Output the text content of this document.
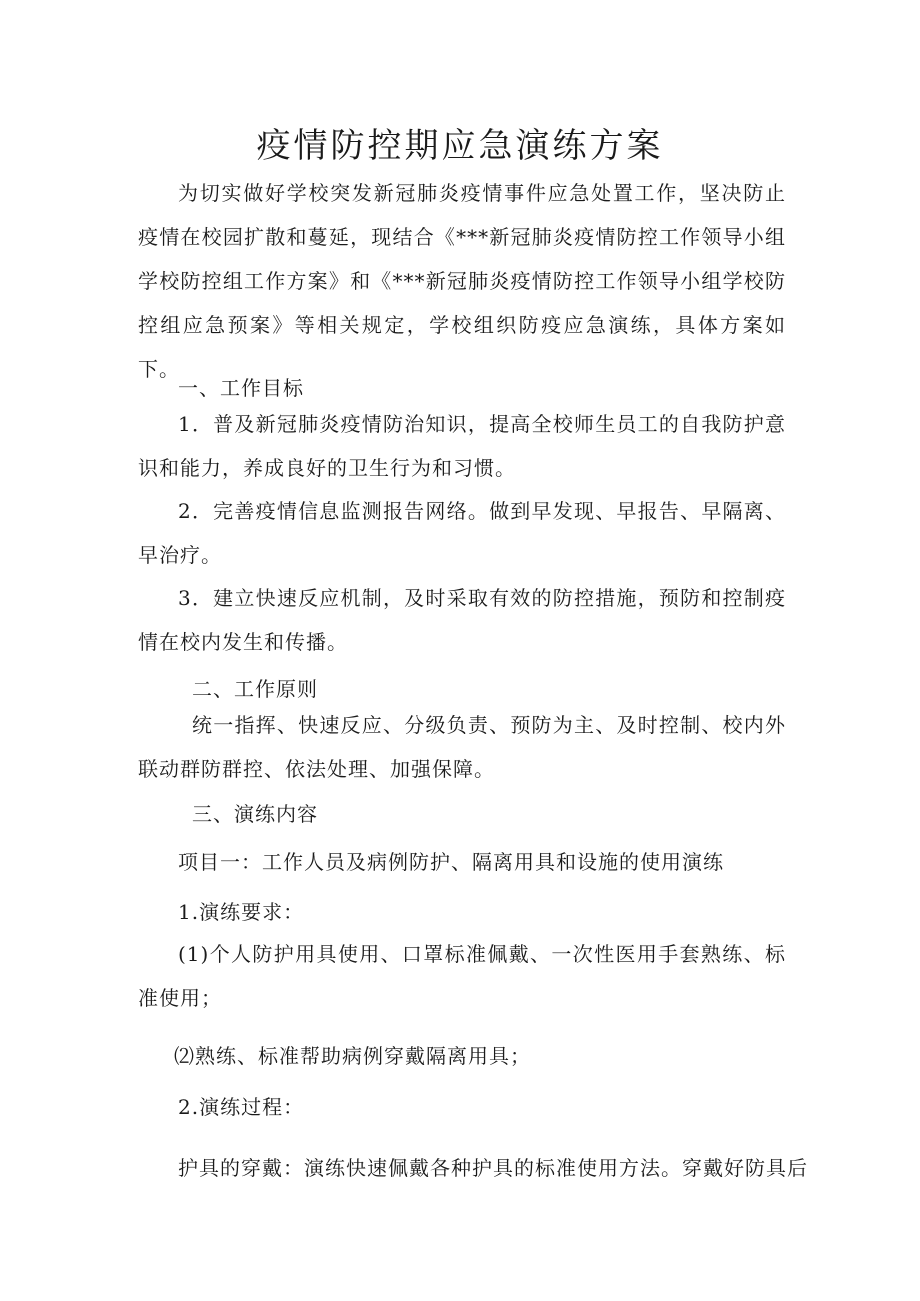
疫情防控期应急演练方案

为切实做好学校突发新冠肺炎疫情事件应急处置工作，坚决防止疫情在校园扩散和蔓延，现结合《***新冠肺炎疫情防控工作领导小组学校防控组工作方案》和《***新冠肺炎疫情防控工作领导小组学校防控组应急预案》等相关规定，学校组织防疫应急演练，具体方案如下。

一、工作目标

1．普及新冠肺炎疫情防治知识，提高全校师生员工的自我防护意识和能力，养成良好的卫生行为和习惯。

2．完善疫情信息监测报告网络。做到早发现、早报告、早隔离、早治疗。

3．建立快速反应机制，及时采取有效的防控措施，预防和控制疫情在校内发生和传播。

二、工作原则

统一指挥、快速反应、分级负责、预防为主、及时控制、校内外联动群防群控、依法处理、加强保障。

三、演练内容

项目一：工作人员及病例防护、隔离用具和设施的使用演练

1.演练要求：

(1)个人防护用具使用、口罩标准佩戴、一次性医用手套熟练、标准使用；

⑵熟练、标准帮助病例穿戴隔离用具；

2.演练过程：

护具的穿戴：演练快速佩戴各种护具的标准使用方法。穿戴好防具后
